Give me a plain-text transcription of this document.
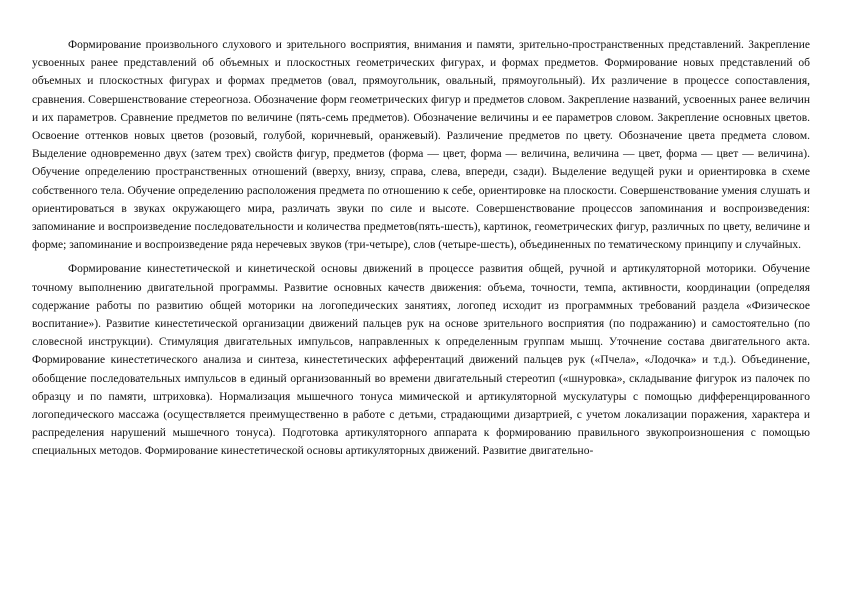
Формирование произвольного слухового и зрительного восприятия, внимания и памяти, зрительно-пространственных представлений. Закрепление усвоенных ранее представлений об объемных и плоскостных геометрических фигурах, и формах предметов. Формирование новых представлений об объемных и плоскостных фигурах и формах предметов (овал, прямоугольник, овальный, прямоугольный). Их различение в процессе сопоставления, сравнения. Совершенствование стереогноза. Обозначение форм геометрических фигур и предметов словом. Закрепление названий, усвоенных ранее величин и их параметров. Сравнение предметов по величине (пять-семь предметов). Обозначение величины и ее параметров словом. Закрепление основных цветов. Освоение оттенков новых цветов (розовый, голубой, коричневый, оранжевый). Различение предметов по цвету. Обозначение цвета предмета словом. Выделение одновременно двух (затем трех) свойств фигур, предметов (форма — цвет, форма — величина, величина — цвет, форма — цвет — величина). Обучение определению пространственных отношений (вверху, внизу, справа, слева, впереди, сзади). Выделение ведущей руки и ориентировка в схеме собственного тела. Обучение определению расположения предмета по отношению к себе, ориентировке на плоскости. Совершенствование умения слушать и ориентироваться в звуках окружающего мира, различать звуки по силе и высоте. Совершенствование процессов запоминания и воспроизведения: запоминание и воспроизведение последовательности и количества предметов(пять-шесть), картинок, геометрических фигур, различных по цвету, величине и форме; запоминание и воспроизведение ряда неречевых звуков (три-четыре), слов (четыре-шесть), объединенных по тематическому принципу и случайных.

Формирование кинестетической и кинетической основы движений в процессе развития общей, ручной и артикуляторной моторики. Обучение точному выполнению двигательной программы. Развитие основных качеств движения: объема, точности, темпа, активности, координации (определяя содержание работы по развитию общей моторики на логопедических занятиях, логопед исходит из программных требований раздела «Физическое воспитание»). Развитие кинестетической организации движений пальцев рук на основе зрительного восприятия (по подражанию) и самостоятельно (по словесной инструкции). Стимуляция двигательных импульсов, направленных к определенным группам мышц. Уточнение состава двигательного акта. Формирование кинестетического анализа и синтеза, кинестетических афферентаций движений пальцев рук («Пчела», «Лодочка» и т.д.). Объединение, обобщение последовательных импульсов в единый организованный во времени двигательный стереотип («шнуровка», складывание фигурок из палочек по образцу и по памяти, штриховка). Нормализация мышечного тонуса мимической и артикуляторной мускулатуры с помощью дифференцированного логопедического массажа (осуществляется преимущественно в работе с детьми, страдающими дизартрией, с учетом локализации поражения, характера и распределения нарушений мышечного тонуса). Подготовка артикуляторного аппарата к формированию правильного звукопроизношения с помощью специальных методов. Формирование кинестетической основы артикуляторных движений. Развитие двигательно-
